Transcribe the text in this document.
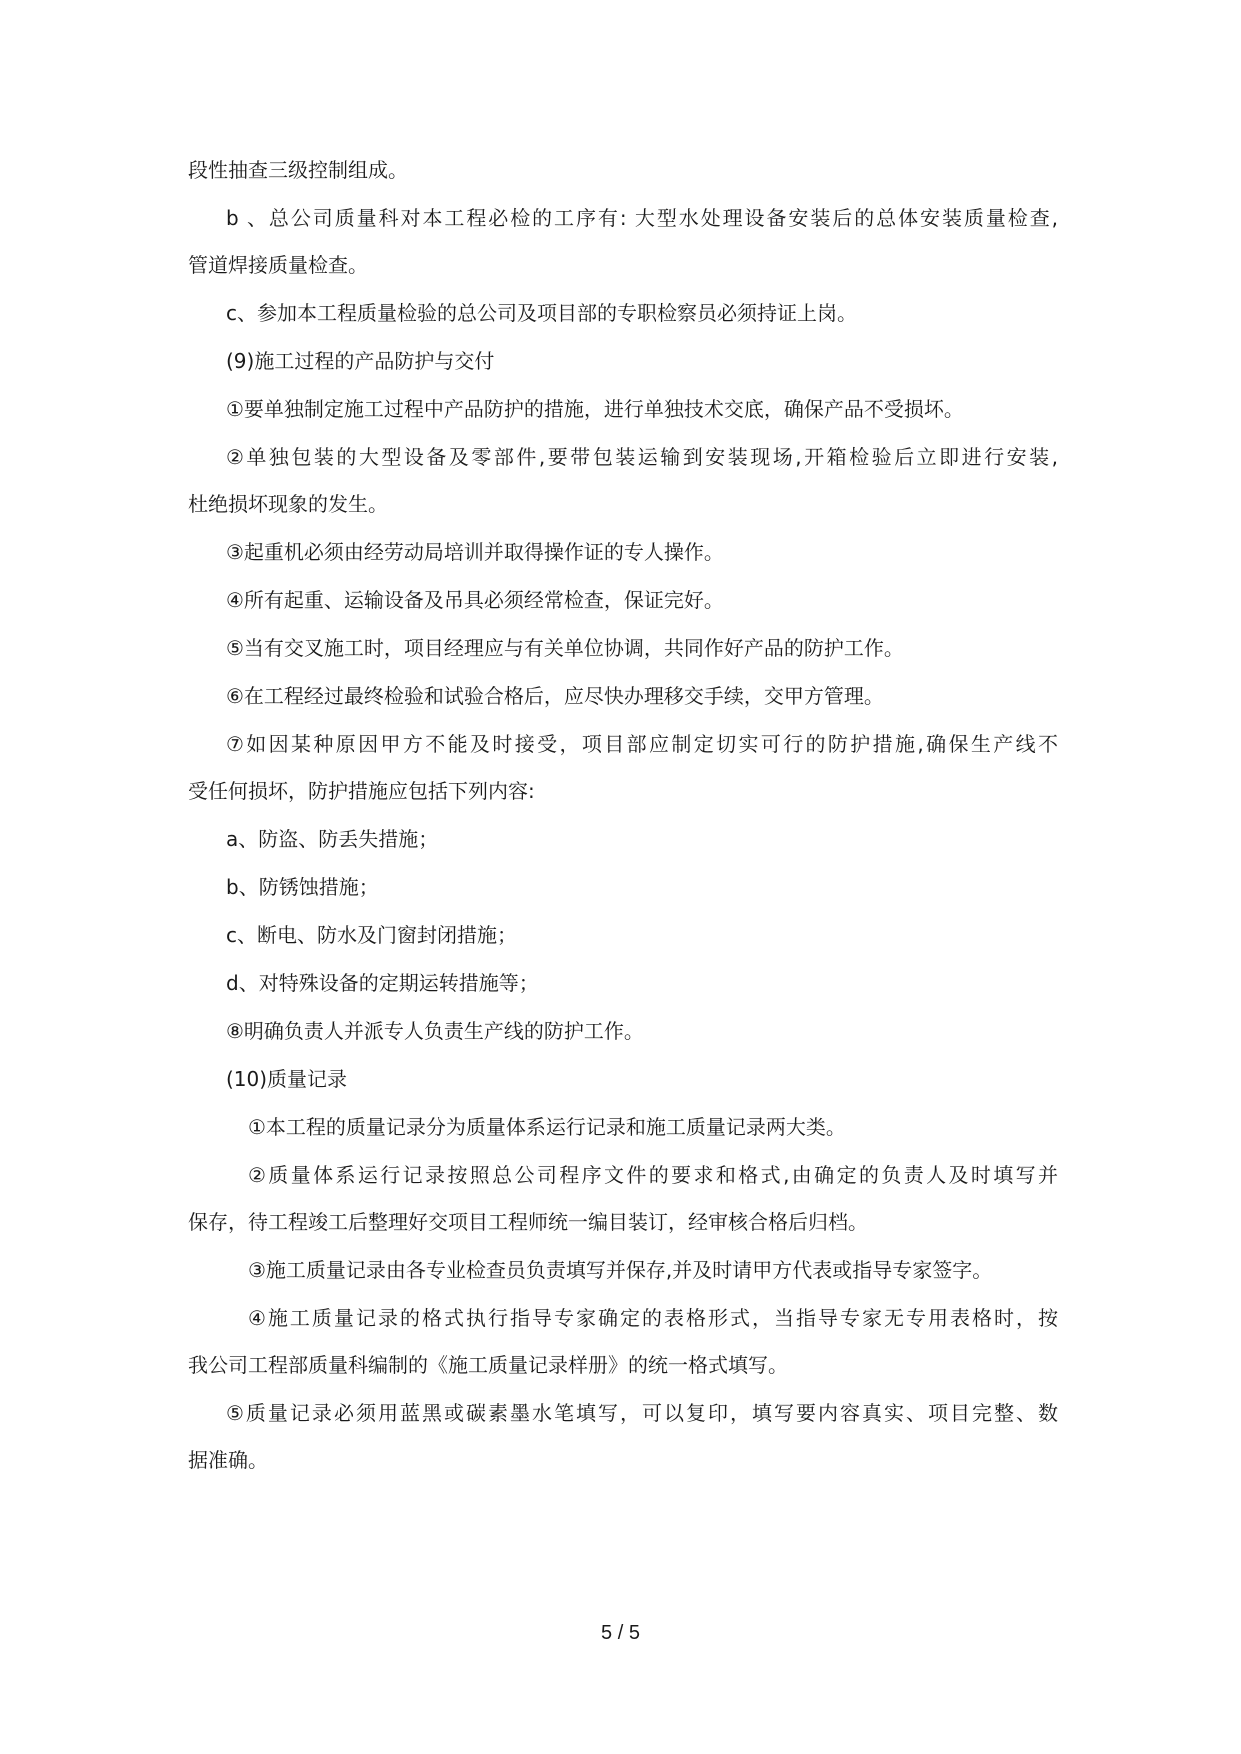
段性抽查三级控制组成。
b 、总公司质量科对本工程必检的工序有: 大型水处理设备安装后的总体安装质量检查,
管道焊接质量检查。
c、参加本工程质量检验的总公司及项目部的专职检察员必须持证上岗。
(9)施工过程的产品防护与交付
①要单独制定施工过程中产品防护的措施，进行单独技术交底，确保产品不受损坏。
②单独包装的大型设备及零部件,要带包装运输到安装现场,开箱检验后立即进行安装,
杜绝损坏现象的发生。
③起重机必须由经劳动局培训并取得操作证的专人操作。
④所有起重、运输设备及吊具必须经常检查，保证完好。
⑤当有交叉施工时，项目经理应与有关单位协调，共同作好产品的防护工作。
⑥在工程经过最终检验和试验合格后，应尽快办理移交手续，交甲方管理。
⑦如因某种原因甲方不能及时接受，项目部应制定切实可行的防护措施,确保生产线不
受任何损坏，防护措施应包括下列内容:
a、防盗、防丢失措施；
b、防锈蚀措施；
c、断电、防水及门窗封闭措施；
d、对特殊设备的定期运转措施等；
⑧明确负责人并派专人负责生产线的防护工作。
(10)质量记录
①本工程的质量记录分为质量体系运行记录和施工质量记录两大类。
②质量体系运行记录按照总公司程序文件的要求和格式,由确定的负责人及时填写并
保存，待工程竣工后整理好交项目工程师统一编目装订，经审核合格后归档。
③施工质量记录由各专业检查员负责填写并保存,并及时请甲方代表或指导专家签字。
④施工质量记录的格式执行指导专家确定的表格形式，当指导专家无专用表格时，按
我公司工程部质量科编制的《施工质量记录样册》的统一格式填写。
⑤质量记录必须用蓝黑或碳素墨水笔填写，可以复印，填写要内容真实、项目完整、数
据准确。
5 / 5
